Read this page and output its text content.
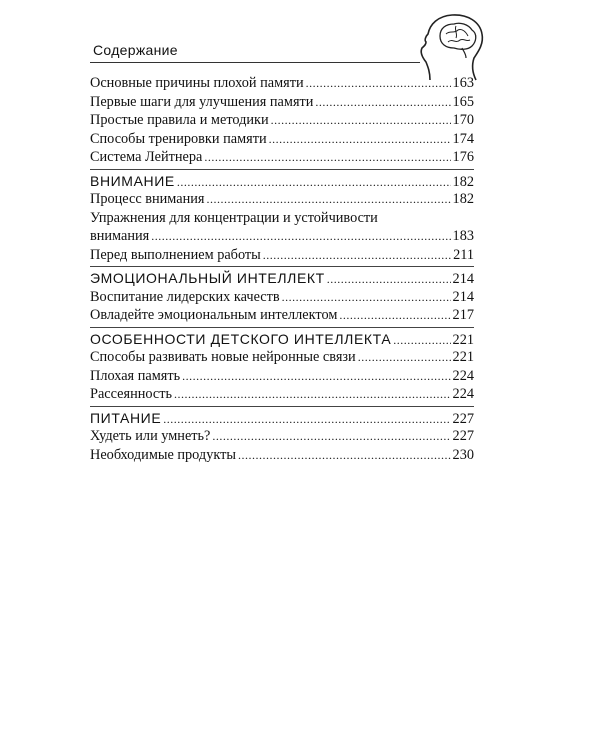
Содержание
Основные причины плохой памяти .....	163
Первые шаги для улучшения памяти .....	165
Простые правила и методики .....	170
Способы тренировки памяти .....	174
Система Лейтнера .....	176
ВНИМАНИЕ .....	182
Процесс внимания .....	182
Упражнения для концентрации и устойчивости
внимания .....	183
Перед выполнением работы .....	211
ЭМОЦИОНАЛЬНЫЙ ИНТЕЛЛЕКТ .....	214
Воспитание лидерских качеств .....	214
Овладейте эмоциональным интеллектом .....	217
ОСОБЕННОСТИ ДЕТСКОГО ИНТЕЛЛЕКТА .....	221
Способы развивать новые нейронные связи .....	221
Плохая память .....	224
Рассеянность .....	224
ПИТАНИЕ .....	227
Худеть или умнеть? .....	227
Необходимые продукты .....	230
